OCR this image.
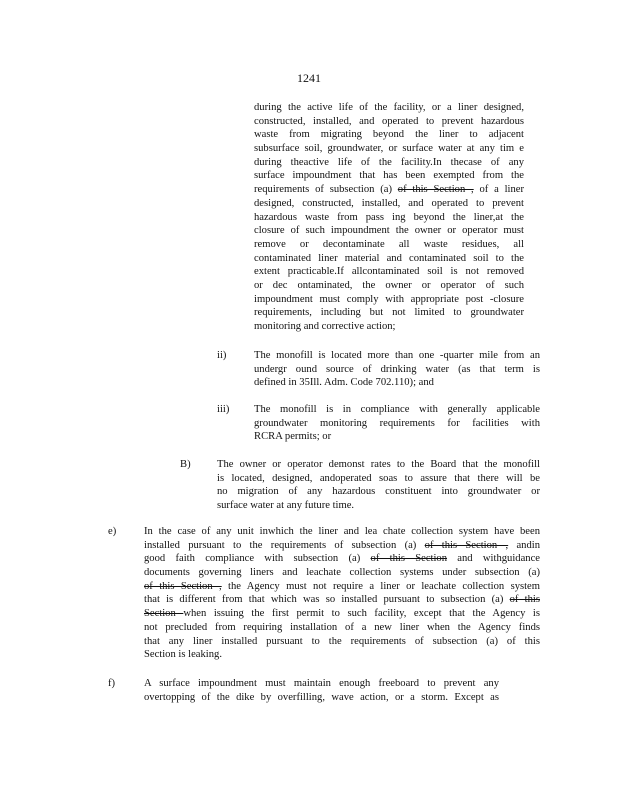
1241
during the active life of the facility, or a liner designed,
constructed, installed, and operated to prevent hazardous
waste from migrating beyond the liner to adjacent
subsurface soil, groundwater, or surface water at any tim e
during theactive life of the facility.In thecase of any
surface impoundment that has been exempted from the
requirements of subsection (a) of this Section , of a liner
designed, constructed, installed, and operated to prevent
hazardous waste from pass ing beyond the liner,at the
closure of such impoundment the owner or operator must
remove or decontaminate all waste residues, all
contaminated liner material and contaminated soil to the
extent practicable.If allcontaminated soil is not removed
or dec ontaminated, the owner or operator of such
impoundment must comply with appropriate post -closure
requirements, including but not limited to groundwater
monitoring and corrective action;
ii)	The monofill is located more than one -quarter mile from an
undergr ound source of drinking water (as that term is
defined in 35Ill. Adm. Code 702.110); and
iii) The monofill is in compliance with generally applicable
groundwater monitoring requirements for facilities with
RCRA permits; or
B) The owner or operator demonst rates to the Board that the monofill
is located, designed, andoperated soas to assure that there will be
no migration of any hazardous constituent into groundwater or
surface water at any future time.
e)	In the case of any unit inwhich the liner and lea chate collection system have been
installed pursuant to the requirements of subsection (a) of this Section , andin
good faith compliance with subsection (a) of this Section and withguidance
documents governing liners and leachate collection systems under subsection (a)
of this Section , the Agency must not require a liner or leachate collection system
that is different from that which was so installed pursuant to subsection (a) of this
Section when issuing the first permit to such facility, except that the Agency is
not precluded from requiring installation of a new liner when the Agency finds
that any liner installed pursuant to the requirements of subsection (a) of this
Section is leaking.
f)	A surface impoundment must maintain enough freeboard to prevent any
overtopping of the dike by overfilling, wave action, or a storm. Except as
